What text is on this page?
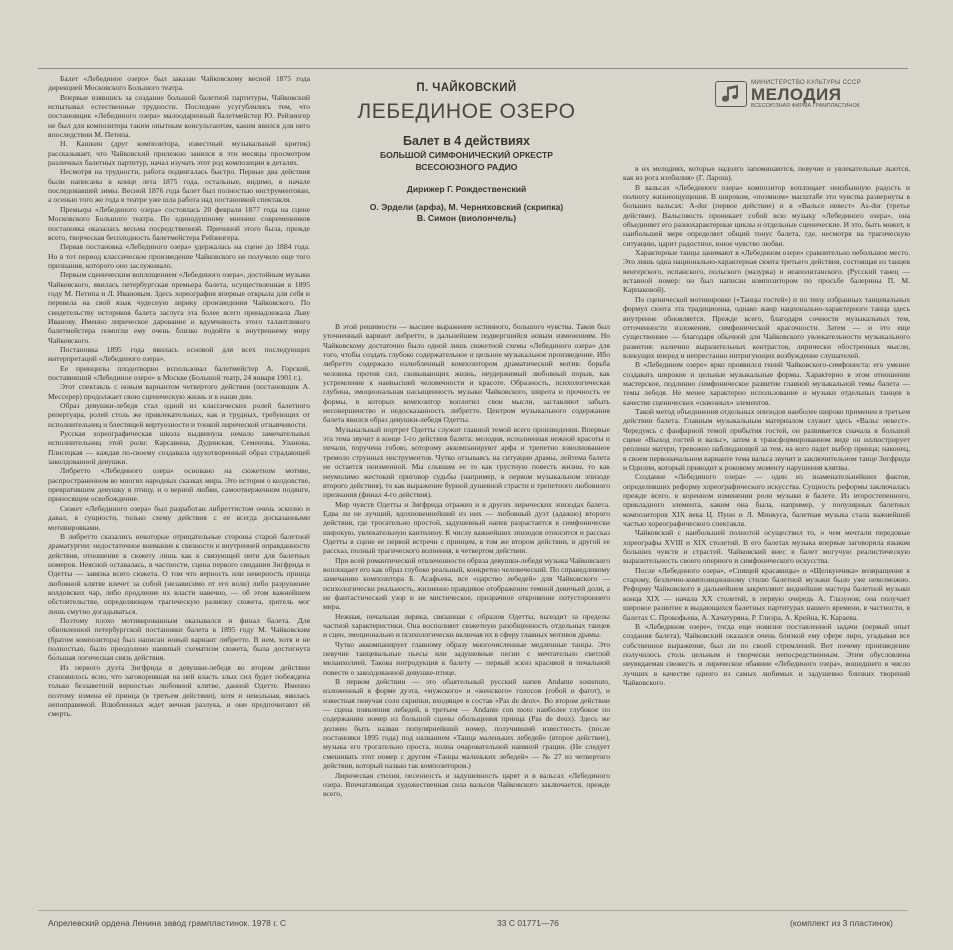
Балет «Лебединое озеро» был заказан Чайковскому весной 1875 года дирекцией Московского Большого театра.

Впервые взявшись за создание большой балетной партитуры, Чайковский испытывал естественные трудности. Последние усугублялись тем, что постановщик «Лебединого озера» малоодаренный балетмейстер Ю. Рейзингер не был для композитора таким опытным консультантом, каким явился для него впоследствии М. Петипа.

Н. Кашкин (друг композитора, известный музыкальный критик) рассказывает, что Чайковский прилежно занялся в эти месяцы просмотром различных балетных партитур, начал изучать этот род композиции в деталях.

Несмотря на трудности, работа подвигалась быстро. Первые два действия были написаны в конце лета 1875 года, остальные, видимо, в начале последовавшей зимы. Весной 1876 года балет был полностью инструментован, а осенью того же года в театре уже шла работа над постановкой спектакля.

Премьера «Лебединого озера» состоялась 20 февраля 1877 года на сцене Московского Большого театра. По единодушному мнению современников постановка оказалась весьма посредственной. Причиной этого была, прежде всего, творческая бесплодность балетмейстера Рейзингера.

Первая постановка «Лебединого озера» удержалась на сцене до 1884 года. Но в тот период классическое произведение Чайковского не получило еще того признания, которого оно заслуживало.

Первым сценическим воплощением «Лебединого озера», достойным музыки Чайковского, явилась петербургская премьера балета, осуществленная в 1895 году М. Петипа и Л. Ивановым. Здесь хореография впервые открыла для себя и перевела на свой язык чудесную лирику произведения Чайковского. По свидетельству историков балета заслуга эта более всего принадлежала Льву Иванову. Именно лирическое дарование и вдумчивость этого талантливого балетмейстера помогли ему очень близко подойти к внутреннему миру Чайковского.

Постановка 1895 года явилась основой для всех последующих интерпретаций «Лебединого озера».

Ее принципы плодотворно использовал балетмейстер А. Горский, поставивший «Лебединое озеро» в Москве (Большой театр, 24 января 1901 г.).

Этот спектакль с новым вариантом четвертого действия (постановщик А. Мессерер) продолжает свою сценическую жизнь и в наши дни.

Образ девушки-лебедя стал одной из классических ролей балетного репертуара, ролей столь же привлекательных, как и трудных, требующих от исполнительниц и блестящей виртуозности и тонкой лирической отзывчивости.

Русская хореографическая школа выдвинула немало замечательных исполнительниц этой роли: Карсавина, Дудинская, Семенова, Уланова, Плисецкая — каждая по-своему создавала одухотворенный образ страдающей заколдованной девушки.

Либретто «Лебединого озера» основано на сюжетном мотиве, распространенном во многих народных сказках мира. Это история о колдовстве, превратившем девушку в птицу, и о верной любви, самоотверженном подвиге, приносящем освобождение.

Сюжет «Лебединого озера» был разработан либреттистом очень эскизно и давал, в сущности, только схему действия с ее всегда досказанными мотивировками.

В либретто сказались некоторые отрицательные стороны старой балетной драматургии: недостаточное внимание к связности и внутренней оправданности действия, отношение к сюжету лишь как к связующей нити для балетных номеров. Неясной оставалась, в частности, сцена первого свидания Зигфрида и Одетты — завязка всего сюжета. О том что верность или неверность принца любовной клятве влечет за собой (независимо от его воли) либо разрушение колдовских чар, либо продление их власти навечно, — об этом важнейшем обстоятельстве, определяющем трагическую развязку сюжета, зритель мог лишь смутно догадываться.

Поэтому плохо мотивированным оказывался и финал балета. Для обновленной петербургской постановки балета в 1895 году М. Чайковским (братом композитора) был написан новый вариант либретто. В нем, хотя и не полностью, было преодолено наивный схематизм сюжета, была достигнута бо́льшая логическая связь действия.

Из первого дуэта Зигфрида и девушки-лебедя во втором действии становилось ясно, что заговорившая на ней власть злых сил будет побеждена только беззаветной верностью любовной клятве, данной Одетте. Именно поэтому измена её принца (в третьем действии), хотя и невольная, явилась непоправимой. Влюбленных ждет вечная разлука, и они предпочитают ей смерть.

П. ЧАЙКОВСКИЙ
ЛЕБЕДИНОЕ ОЗЕРО
Балет в 4 действиях
БОЛЬШОЙ СИМФОНИЧЕСКИЙ ОРКЕСТР
ВСЕСОЮЗНОГО РАДИО
Дирижер Г. Рождественский
О. Эрдели (арфа), М. Черняховский (скрипка)
В. Симон (виолончель)
МИНИСТЕРСТВО КУЛЬТУРЫ СССР
МЕЛОДИЯ
ВСЕСОЮЗНАЯ ФИРМА ГРАМПЛАСТИНОК

В этой решимости — высшее выражение истинного, большого чувства. Таков был уточненный вариант либретто, в дальнейшем подвергшийся новым изменениям. Но Чайковскому достаточно было одной лишь сюжетной схемы «Лебединого озера» для того, чтобы создать глубоко содержательное и цельное музыкальное произведение. Ибо либретто содержало излюбленный композитором драматический мотив: борьба человека против сил, сковывающих жизнь, неудержимый любовный порыв, как устремление к наивысшей человечности и красоте. Образность, психологическая глубина, эмоциональная насыщенность музыки Чайковского, широта и прочность ее формы, в которых композитор воплотил свои мысли, заставляют забыть несовершенство и недосказанность либретто. Центром музыкального содержания балета явился образ девушки-лебедя Одетты.

Музыкальный портрет Одетты служит главной темой всего произведения. Впервые эта тема звучит в конце 1-го действия балета: мелодия, исполненная нежной красоты и печали, поручена гобою, которому аккомпанируют арфа и трепетно взволнованное тремоло струнных инструментов. Чутко отзываясь на ситуации драмы, лейтема балета не остается неизменной. Мы слышим ее то как грустную повесть жизни, то как неумолимо жестокий приговор судьбы (например, в первом музыкальном эпизоде второго действия), то как выражение бурной душевной страсти и трепетного любовного признания (финал 4-го действия).

Мир чувств Одетты и Зигфрида отражен и в других лирических эпизодах балета. Едва ли не лучший, вдохновеннейший из них — любовный дуэт (адажио) второго действия, где трогательно простой, задушевный напев разрастается в симфонически широкую, увлекательную кантилену. К числу важнейших эпизодов относится и рассказ Одетты в сцене ее первой встречи с принцем, в том же втором действии, и другой ее рассказ, полный трагического волнения, в четвертом действии.

При всей романтической отвлеченности образа девушки-лебедя музыка Чайковского воплощает его как образ глубоко реальный, конкретно человеческий. По справедливому замечанию композитора Б. Асафьева, все «царство лебедей» для Чайковского — психологически реальность, жизненно правдивое отображение темной девичьей доли, а не фантастический узор и не мистическое, призрачное откровение потустороннего мира.

Нежная, печальная лирика, связанная с образом Одетты, выходит за пределы частной характеристики. Она восполняет сюжетную разобщенность отдельных танцев и сцен, эмоционально и психологически включая их в сферу главных мотивов драмы.

Чутко аккомпанирует главному образу многочисленные медленные танцы. Это певучие танцевальные пьесы или задушевные песни с мечтательно светлой меланхолией. Такова интродукция к балету — первый эскиз красивой и печальной повести о заколдованной девушке-птице.

В первом действии — это обаятельный русский напев Andante sostenuto, изложенный в форме дуэта, «мужского» и «женского» голосов (гобой и фагот), и известная певучая соло скрипки, входящее в состав «Pas de deux». Во втором действии — сцена появления лебедей, в третьем — Andante con moto наиболее глубокое по содержанию номер из большой сцены обольщения принца (Pas de deux). Здесь же должен быть назван популярнейший номер, получивший известность (после постановки 1895 года) под названием «Танца маленьких лебедей» (второе действие), музыка его трогательно проста, полна очаровательной наивной грации. (Не следует смешивать этот номер с другим «Танцы маленьких лебедей» — № 27 из четвертого действия, который назван так композитором.)

Лирическая стихия, песенность и задушевность царят и в вальсах «Лебединого озера. Впечатляющая художественная сила вальсов Чайковского заключается, прежде всего,

в их мелодиях, которые надолго запоминаются, певучие и увлекательные льются, как из рога изобилия» (Г. Ларош).

В вальсах «Лебединого озера» композитор воплощает неизбывную радость и полноту жизнеощущения. В широком, «поэмном» масштабе эти чувства развернуты в больших вальсах: A-dur (первое действие) и в «Вальсе невест» As-dur (третье действие). Вальсовость проникает собой всю музыку «Лебединого озера», она объединяет его разнохарактерные циклы и отдельные сценические. И это, быть может, в наибольшей мере определяет общий тонус балета, где, несмотря на трагическую ситуацию, царит радостное, юное чувство любви.

Характерные танцы занимают в «Лебедином озере» сравнительно небольшое место. Это лишь одна национально-характерная сюита третьего действия, состоящая из танцев венгерского, испанского, польского (мазурка) и неаполитанского. (Русский танец — вставной номер: он был написан композитором по просьбе балерины П. М. Карпаковой).

По сценической мотивировке («Танцы гостей») и по типу избранных танцевальных формул сюита эта традиционна, однако жанр национально-характерного танца здесь внутренне обновляется. Прежде всего, благодаря сочности музыкальных тем, отточенности изложения, симфонической красочности. Затем — и это еще существеннее — благодаря обычной для Чайковского увлекательности музыкального развития: наличию выразительных контрастов, лирически обостренных мысли, влекущих вперед и непрестанно интригующих возбуждение слушателей.

В «Лебедином озере» ярко проявился гений Чайковского-симфониста: его умение создавать широкие и цельные музыкальные формы. Характерно в этом отношении мастерское, подлинно симфоническое развитие главной музыкальной темы балета — темы лебедя. Не менее характерно использование и музыки отдельных танцев в качестве сценических «сквозных» элементов.

Такой метод объединения отдельных эпизодов наиболее широко применен в третьем действии балета. Главным музыкальным материалом служит здесь «Вальс невест». Чередуясь с фанфарной темой прибытия гостей, он развивается сначала в большой сцене «Выход гостей и вальс», затем в трансформированном виде он иллюстрирует реплики матери, тревожно наблюдающей за тем, на кого падет выбор принца; наконец, в своем первоначальном варианте тема вальса звучит в заключительном танце Зигфрида и Одилии, который приводит к роковому моменту нарушения клятвы.

Создание «Лебединого озера» — один из знаменательнейших фактов, определивших реформу хореографического искусства. Сущность реформы заключалась прежде всего, в коренном изменении роли музыки в балете. Из второстепенного, прикладного элемента, каким она была, например, у популярных балетных композиторов XIX века Ц. Пуни и Л. Минкуса, балетная музыка стала важнейшей частью хореографического спектакля.

Чайковский с наибольшей полнотой осуществил то, о чем мечтали передовые хореографы XVIII и XIX столетий. В его балетах музыка впервые заговорила языком больших чувств и страстей. Чайковский внес в балет могучую реалистическую выразительность своего оперного и симфонического искусства.

После «Лебединого озера», «Спящей красавицы» и «Щелкунчика» возвращение к старому, безличио-композиционному стилю балетной музыки было уже невозможно. Реформу Чайковского в дальнейшем закрепляют виднейшие мастера балетной музыки конца XIX — начала XX столетий, в первую очередь А. Глазунов; она получает широкое развитие в выдающихся балетных партитурах нашего времени, в частности, в балетах С. Прокофьева, А. Хачатуряна, Р. Глиэра, А. Крейна, К. Караева.

В «Лебедином озере», тогда еще новизне поставленной задачи (первый опыт создания балета), Чайковский оказался очень близкой ему сфере лиро, угадывая все собственное выражение, был ли по своей стремлений. Вот почему произведение получилось столь цельным и творчески непосредственным. Этим обусловлена неувядаемая свежесть и лирическое обаяние «Лебединого озера», вошедшего в число лучших в качестве одного из самых любимых и задушевно близких творений Чайковского.

Апрелевский ордена Ленина завод грампластинок. 1978 г. С	33 С 01771—76	(комплект из 3 пластинок)
